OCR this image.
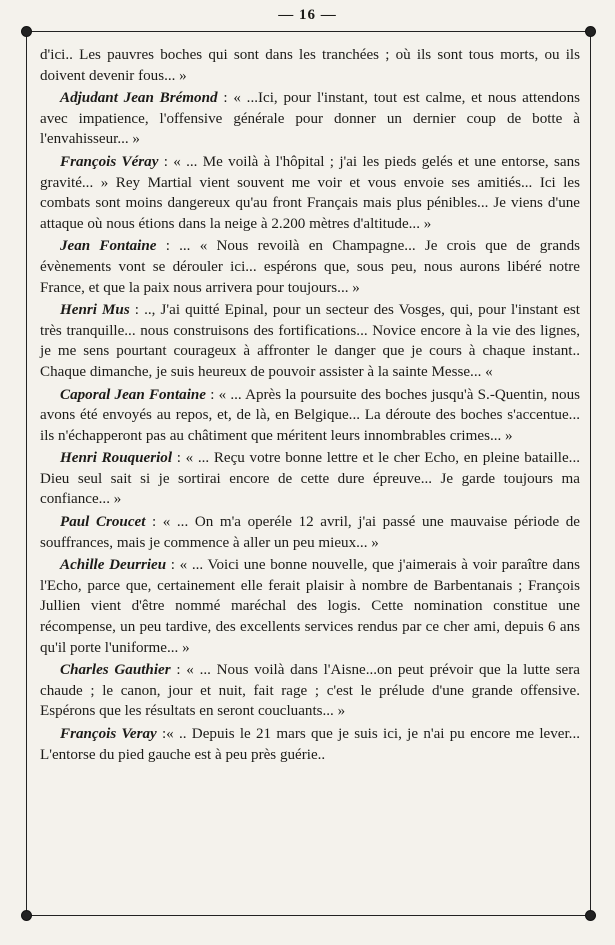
— 16 —

d'ici.. Les pauvres boches qui sont dans les tranchées ; où ils sont tous morts, ou ils doivent devenir fous... »

Adjudant Jean Brémond : « ...Ici, pour l'instant, tout est calme, et nous attendons avec impatience, l'offensive générale pour donner un dernier coup de botte à l'envahisseur... »

François Véray : « ... Me voilà à l'hôpital ; j'ai les pieds gelés et une entorse, sans gravité... » Rey Martial vient souvent me voir et vous envoie ses amitiés... Ici les combats sont moins dangereux qu'au front Français mais plus pénibles... Je viens d'une attaque où nous étions dans la neige à 2.200 mètres d'altitude... »

Jean Fontaine : ... « Nous revoilà en Champagne... Je crois que de grands évènements vont se dérouler ici... espérons que, sous peu, nous aurons libéré notre France, et que la paix nous arrivera pour toujours... »

Henri Mus : .., J'ai quitté Epinal, pour un secteur des Vosges, qui, pour l'instant est très tranquille... nous construisons des fortifications... Novice encore à la vie des lignes, je me sens pourtant courageux à affronter le danger que je cours à chaque instant.. Chaque dimanche, je suis heureux de pouvoir assister à la sainte Messe... «

Caporal Jean Fontaine : « ... Après la poursuite des boches jusqu'à S.-Quentin, nous avons été envoyés au repos, et, de là, en Belgique... La déroute des boches s'accentue... ils n'échapperont pas au châtiment que méritent leurs innombrables crimes... »

Henri Rouqueriol : « ... Reçu votre bonne lettre et le cher Echo, en pleine bataille... Dieu seul sait si je sortirai encore de cette dure épreuve... Je garde toujours ma confiance... »

Paul Croucet : « ... On m'a operéle 12 avril, j'ai passé une mauvaise période de souffrances, mais je commence à aller un peu mieux... »

Achille Deurrieu : « ... Voici une bonne nouvelle, que j'aimerais à voir paraître dans l'Echo, parce que, certainement elle ferait plaisir à nombre de Barbentanais ; François Jullien vient d'être nommé maréchal des logis. Cette nomination constitue une récompense, un peu tardive, des excellents services rendus par ce cher ami, depuis 6 ans qu'il porte l'uniforme... »

Charles Gauthier : « ... Nous voilà dans l'Aisne...on peut prévoir que la lutte sera chaude ; le canon, jour et nuit, fait rage ; c'est le prélude d'une grande offensive. Espérons que les résultats en seront coucluants... »

François Veray :« .. Depuis le 21 mars que je suis ici, je n'ai pu encore me lever... L'entorse du pied gauche est à peu près guérie..
